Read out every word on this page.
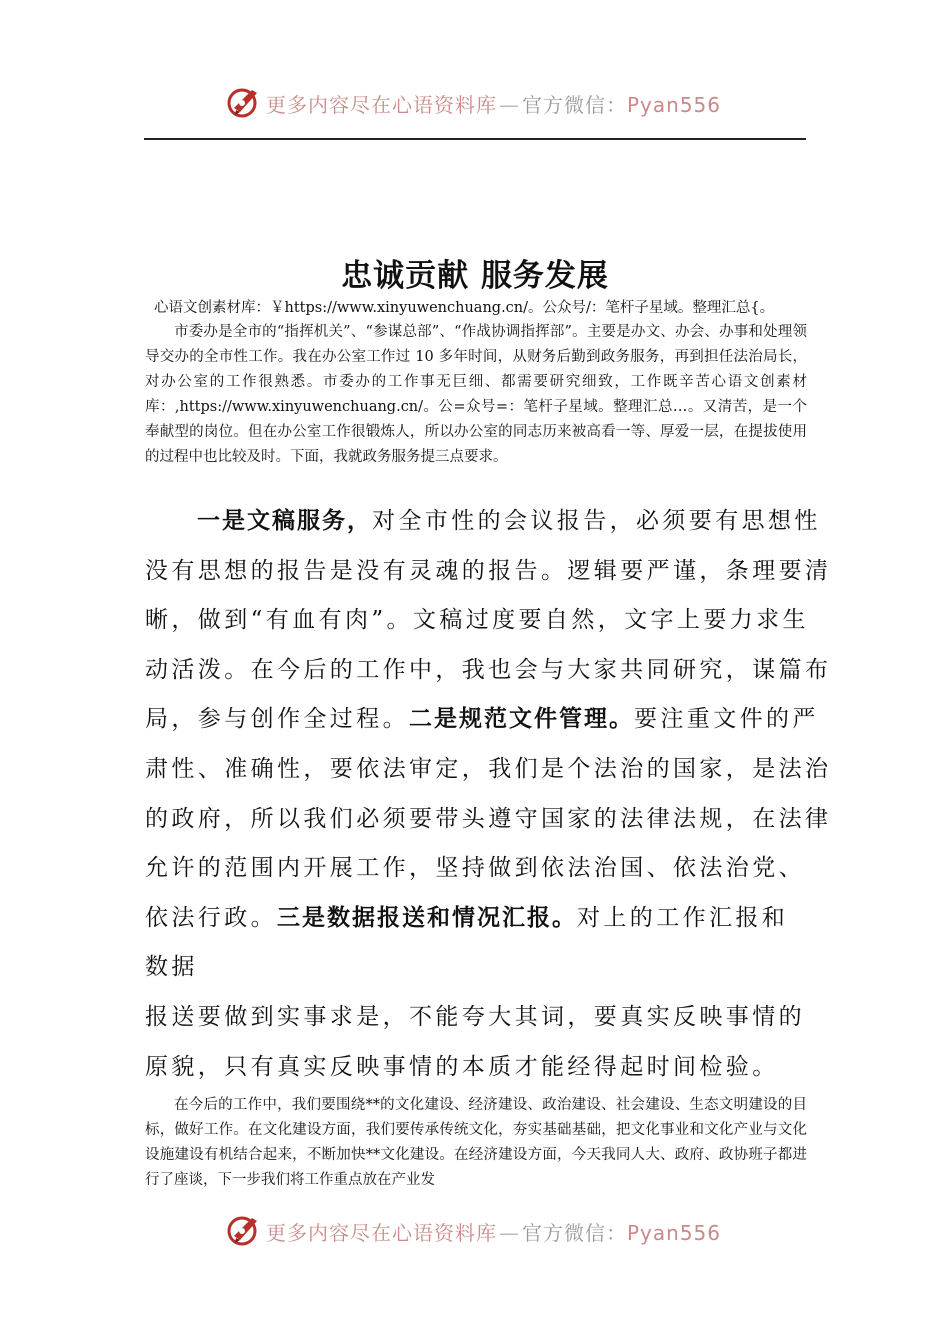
更多内容尽在心语资料库 — 官方微信：Pyan556
忠诚贡献 服务发展
心语文创素材库：￥https://www.xinyuwenchuang.cn/。公众号/：笔杆子星域。整理汇总{。

市委办是全市的“指挥机关”、“参谋总部”、“作战协调指挥部”。主要是办文、办会、办事和处理领导交办的全市性工作。我在办公室工作过 10 多年时间，从财务后勤到政务服务，再到担任法治局长，对办公室的工作很熟悉。市委办的工作事无巨细、都需要研究细致，工作既辛苦心语文创素材库：,https://www.xinyuwenchuang.cn/。公=众号=：笔杆子星域。整理汇总…。又清苦，是一个奉献型的岗位。但在办公室工作很锻炼人，所以办公室的同志历来被高看一等、厚爱一层，在提拔使用的过程中也比较及时。下面，我就政务服务提三点要求。

一是文稿服务，对全市性的会议报告，必须要有思想性
没有思想的报告是没有灵魂的报告。逻辑要严谨，条理要清
晰，做到“有血有肉”。文稿过度要自然，文字上要力求生
动活泼。在今后的工作中，我也会与大家共同研究，谋篇布
局，参与创作全过程。二是规范文件管理。要注重文件的严
肃性、准确性，要依法审定，我们是个法治的国家，是法治
的政府，所以我们必须要带头遵守国家的法律法规，在法律
允许的范围内开展工作，坚持做到依法治国、依法治党、
依法行政。三是数据报送和情况汇报。对上的工作汇报和
数据
报送要做到实事求是，不能夸大其词，要真实反映事情的
原貌，只有真实反映事情的本质才能经得起时间检验。

在今后的工作中，我们要围绕**的文化建设、经济建设、政治建设、社会建设、生态文明建设的目标，做好工作。在文化建设方面，我们要传承传统文化，夯实基础基础，把文化事业和文化产业与文化设施建设有机结合起来，不断加快**文化建设。在经济建设方面，今天我同人大、政府、政协班子都进行了座谈，下一步我们将工作重点放在产业发

更多内容尽在心语资料库 — 官方微信：Pyan556
